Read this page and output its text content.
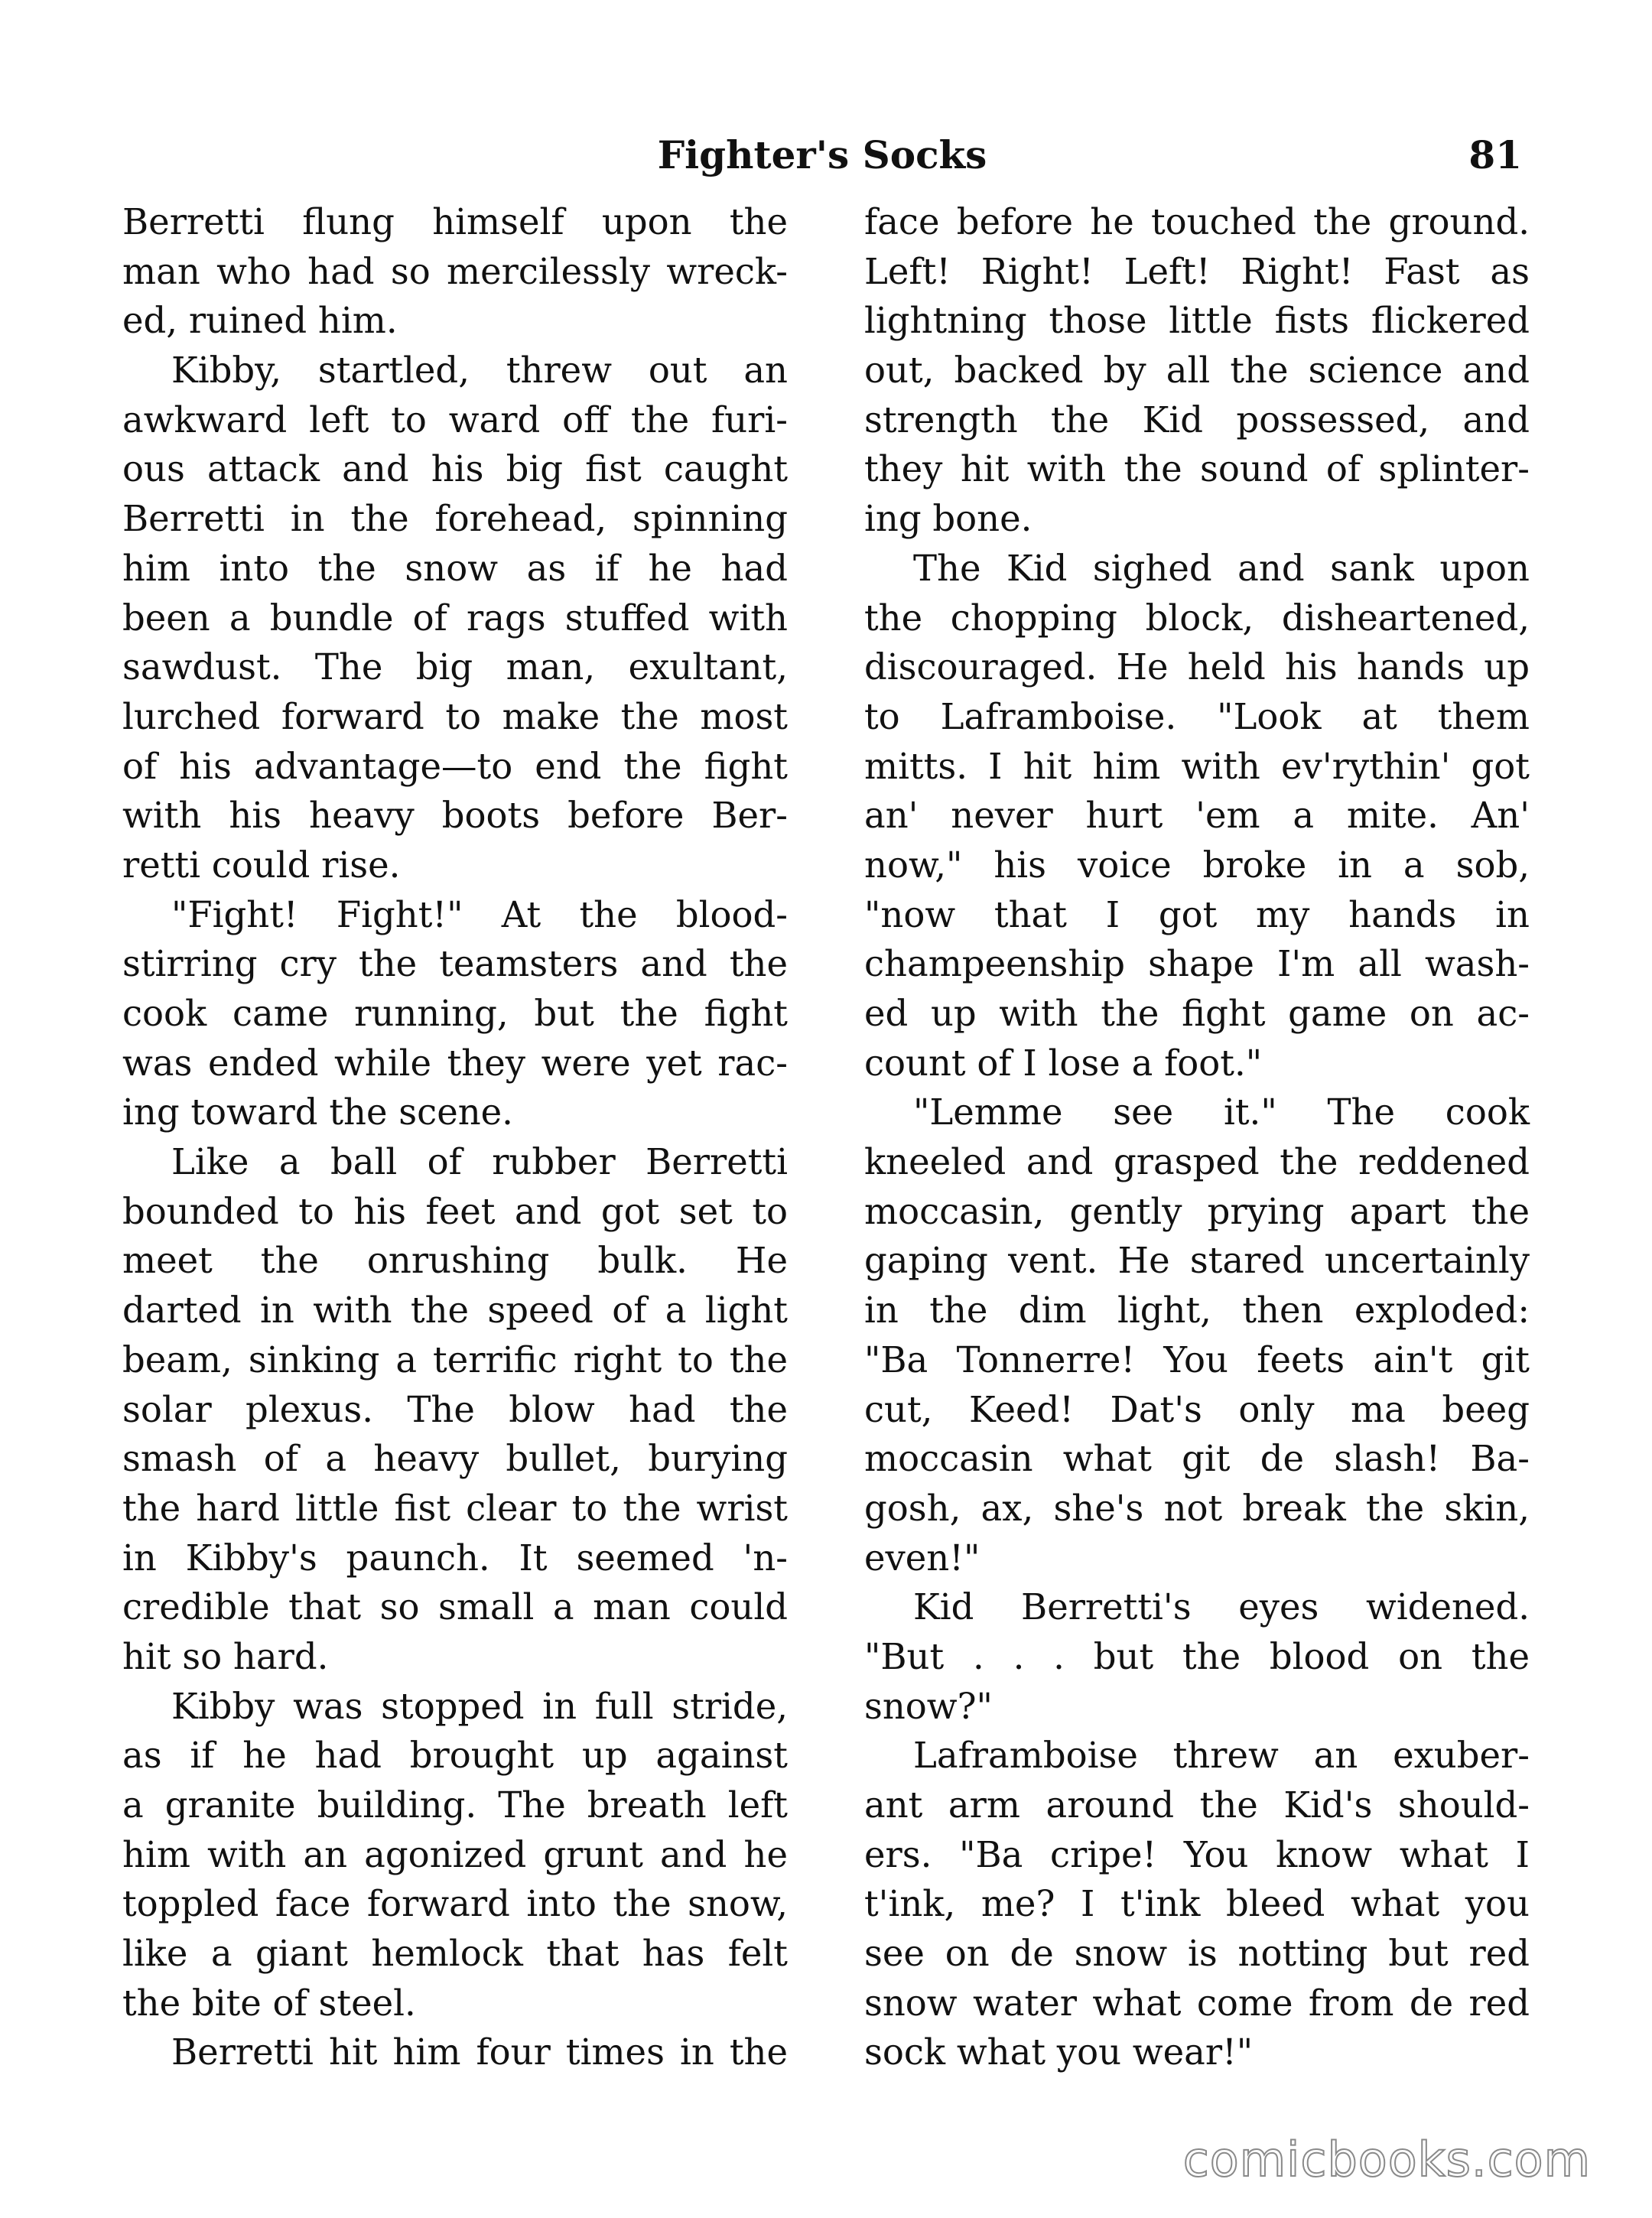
Fighter's Socks	81
Berretti flung himself upon the
man who had so mercilessly wreck-
ed, ruined him.
Kibby, startled, threw out an
awkward left to ward off the furi-
ous attack and his big fist caught
Berretti in the forehead, spinning
him into the snow as if he had
been a bundle of rags stuffed with
sawdust. The big man, exultant,
lurched forward to make the most
of his advantage—to end the fight
with his heavy boots before Ber-
retti could rise.
"Fight! Fight!" At the blood-
stirring cry the teamsters and the
cook came running, but the fight
was ended while they were yet rac-
ing toward the scene.
Like a ball of rubber Berretti
bounded to his feet and got set to
meet the onrushing bulk. He
darted in with the speed of a light
beam, sinking a terrific right to the
solar plexus. The blow had the
smash of a heavy bullet, burying
the hard little fist clear to the wrist
in Kibby's paunch. It seemed 'n-
credible that so small a man could
hit so hard.
Kibby was stopped in full stride,
as if he had brought up against
a granite building. The breath left
him with an agonized grunt and he
toppled face forward into the snow,
like a giant hemlock that has felt
the bite of steel.
Berretti hit him four times in the
face before he touched the ground.
Left! Right! Left! Right! Fast as
lightning those little fists flickered
out, backed by all the science and
strength the Kid possessed, and
they hit with the sound of splinter-
ing bone.
The Kid sighed and sank upon
the chopping block, disheartened,
discouraged. He held his hands up
to Laframboise. "Look at them
mitts. I hit him with ev'rythin' got
an' never hurt 'em a mite. An'
now," his voice broke in a sob,
"now that I got my hands in
champeenship shape I'm all wash-
ed up with the fight game on ac-
count of I lose a foot."
"Lemme see it." The cook
kneeled and grasped the reddened
moccasin, gently prying apart the
gaping vent. He stared uncertainly
in the dim light, then exploded:
"Ba Tonnerre! You feets ain't git
cut, Keed! Dat's only ma beeg
moccasin what git de slash! Ba-
gosh, ax, she's not break the skin,
even!"
Kid Berretti's eyes widened.
"But . . . but the blood on the
snow?"
Laframboise threw an exuber-
ant arm around the Kid's should-
ers. "Ba cripe! You know what I
t'ink, me? I t'ink bleed what you
see on de snow is notting but red
snow water what come from de red
sock what you wear!"
comicbooks.com
